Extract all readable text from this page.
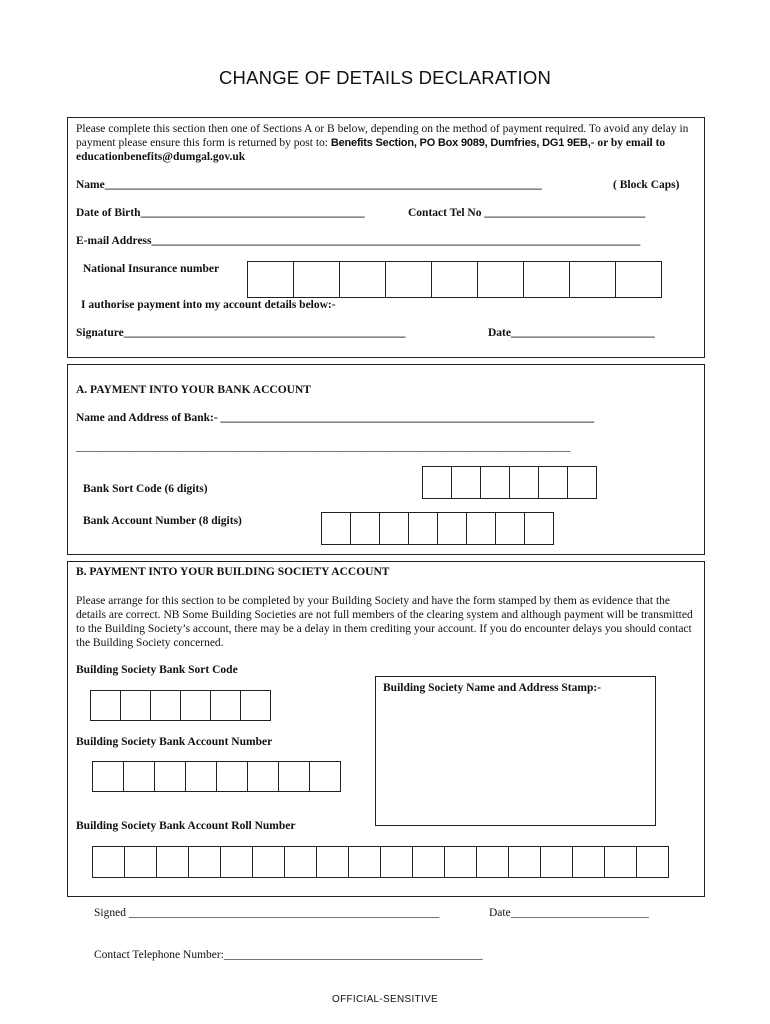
CHANGE OF DETAILS DECLARATION
Please complete this section then one of Sections A or B below, depending on the method of payment required. To avoid any delay in payment please ensure this form is returned by post to: Benefits Section, PO Box 9089, Dumfries, DG1 9EB,- or by email to educationbenefits@dumgal.gov.uk
Name____________________________________________________________________________	( Block Caps)
Date of Birth_______________________________________	Contact Tel No ____________________________
E-mail Address_____________________________________________________________________________________
National Insurance number
I authorise payment into my account details below:-
Signature_________________________________________________	Date_________________________
A. PAYMENT INTO YOUR BANK ACCOUNT
Name and Address of Bank:- _________________________________________________________________
______________________________________________________________________________________
Bank Sort Code (6 digits)
Bank Account Number (8 digits)
B. PAYMENT INTO YOUR BUILDING SOCIETY ACCOUNT
Please arrange for this section to be completed by your Building Society and have the form stamped by them as evidence that the details are correct. NB Some Building Societies are not full members of the clearing system and although payment will be transmitted to the Building Society’s account, there may be a delay in them crediting your account. If you do encounter delays you should contact the Building Society concerned.
Building Society Bank Sort Code
Building Society Name and Address Stamp:-
Building Society Bank Account Number
Building Society Bank Account Roll Number
Signed ______________________________________________________	Date________________________
Contact Telephone Number:_____________________________________________
OFFICIAL-SENSITIVE
